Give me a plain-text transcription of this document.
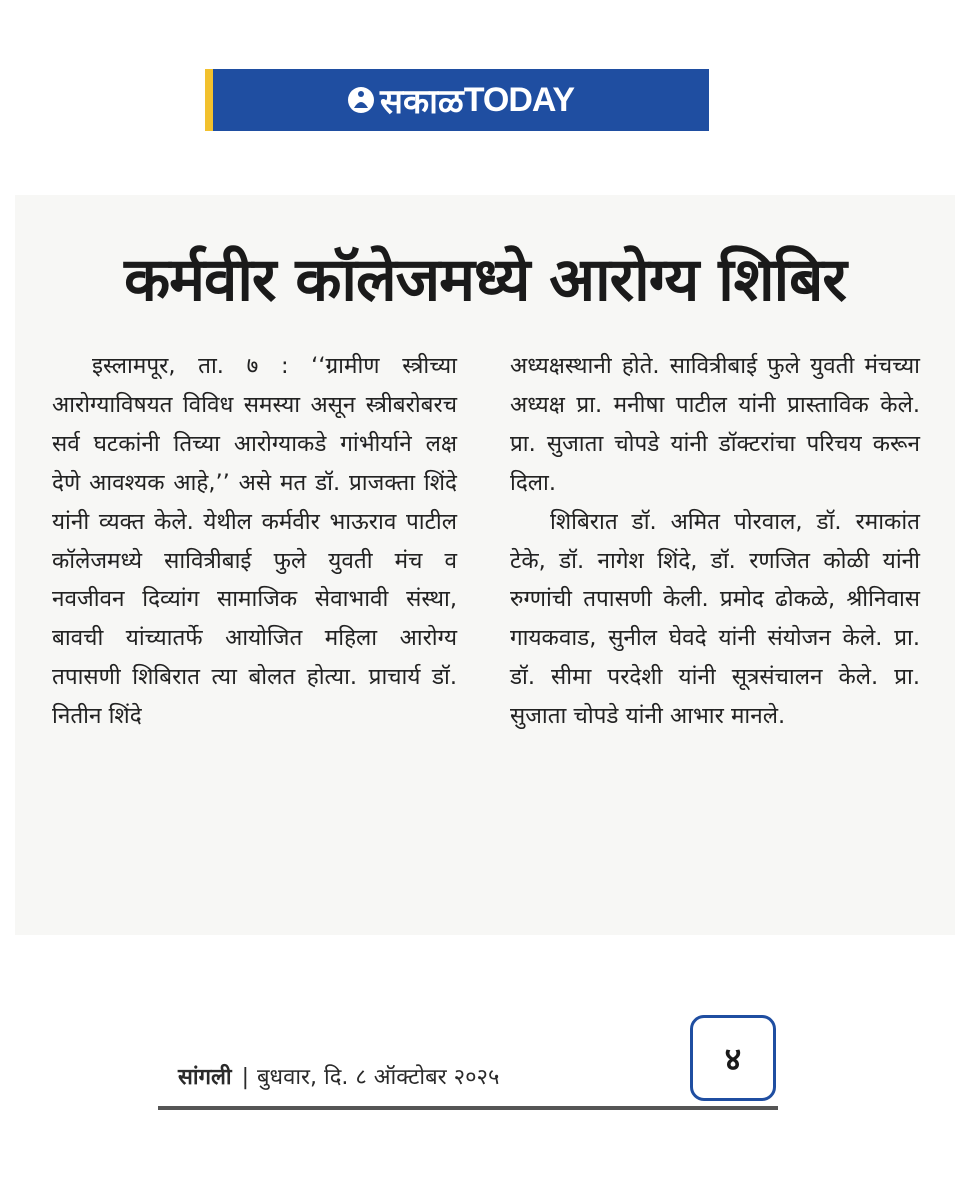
सकाळ TODAY
कर्मवीर कॉलेजमध्ये आरोग्य शिबिर
इस्लामपूर, ता. ७ : ‘‘ग्रामीण स्त्रीच्या आरोग्याविषयत विविध समस्या असून स्त्रीबरोबरच सर्व घटकांनी तिच्या आरोग्याकडे गांभीर्याने लक्ष देणे आवश्यक आहे,’’ असे मत डॉ. प्राजक्ता शिंदे यांनी व्यक्त केले. येथील कर्मवीर भाऊराव पाटील कॉलेजमध्ये सावित्रीबाई फुले युवती मंच व नवजीवन दिव्यांग सामाजिक सेवाभावी संस्था, बावची यांच्यातर्फे आयोजित महिला आरोग्य तपासणी शिबिरात त्या बोलत होत्या. प्राचार्य डॉ. नितीन शिंदे

अध्यक्षस्थानी होते. सावित्रीबाई फुले युवती मंचच्या अध्यक्ष प्रा. मनीषा पाटील यांनी प्रास्ताविक केले. प्रा. सुजाता चोपडे यांनी डॉक्टरांचा परिचय करून दिला.

शिबिरात डॉ. अमित पोरवाल, डॉ. रमाकांत टेके, डॉ. नागेश शिंदे, डॉ. रणजित कोळी यांनी रुग्णांची तपासणी केली. प्रमोद ढोकळे, श्रीनिवास गायकवाड, सुनील घेवदे यांनी संयोजन केले. प्रा. डॉ. सीमा परदेशी यांनी सूत्रसंचालन केले. प्रा. सुजाता चोपडे यांनी आभार मानले.

सांगली | बुधवार, दि. ८ ऑक्टोबर २०२५	४
